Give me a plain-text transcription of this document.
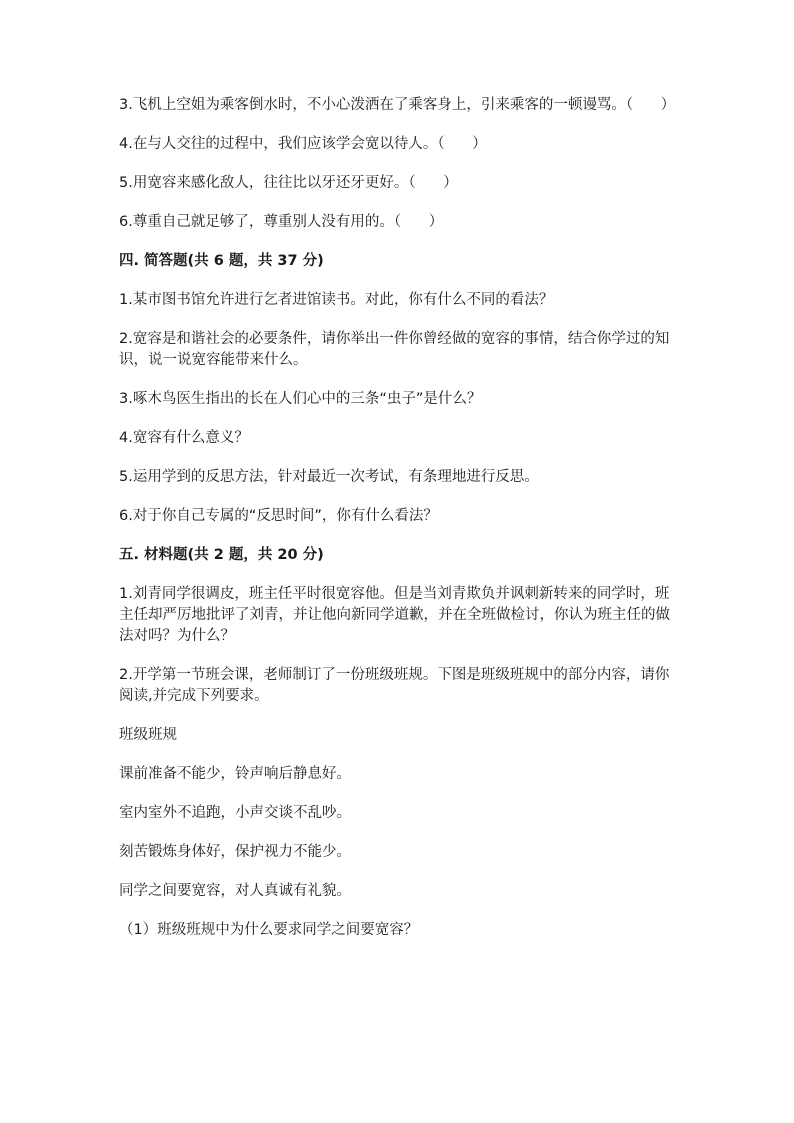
3.飞机上空姐为乘客倒水时，不小心泼洒在了乘客身上，引来乘客的一顿谩骂。（      ）

4.在与人交往的过程中，我们应该学会宽以待人。（      ）

5.用宽容来感化敌人，往往比以牙还牙更好。（      ）

6.尊重自己就足够了，尊重别人没有用的。（      ）

四. 简答题(共 6 题，共 37 分)

1.某市图书馆允许进行乞者进馆读书。对此，你有什么不同的看法？

2.宽容是和谐社会的必要条件，请你举出一件你曾经做的宽容的事情，结合你学过的知识，说一说宽容能带来什么。

3.啄木鸟医生指出的长在人们心中的三条“虫子”是什么？

4.宽容有什么意义？

5.运用学到的反思方法，针对最近一次考试，有条理地进行反思。

6.对于你自己专属的“反思时间”，你有什么看法？

五. 材料题(共 2 题，共 20 分)

1.刘青同学很调皮，班主任平时很宽容他。但是当刘青欺负并讽刺新转来的同学时，班主任却严厉地批评了刘青，并让他向新同学道歉，并在全班做检讨，你认为班主任的做法对吗？为什么？

2.开学第一节班会课，老师制订了一份班级班规。下图是班级班规中的部分内容，请你阅读,并完成下列要求。

班级班规

课前准备不能少，铃声响后静息好。

室内室外不追跑，小声交谈不乱吵。

刻苦锻炼身体好，保护视力不能少。

同学之间要宽容，对人真诚有礼貌。

（1）班级班规中为什么要求同学之间要宽容？
